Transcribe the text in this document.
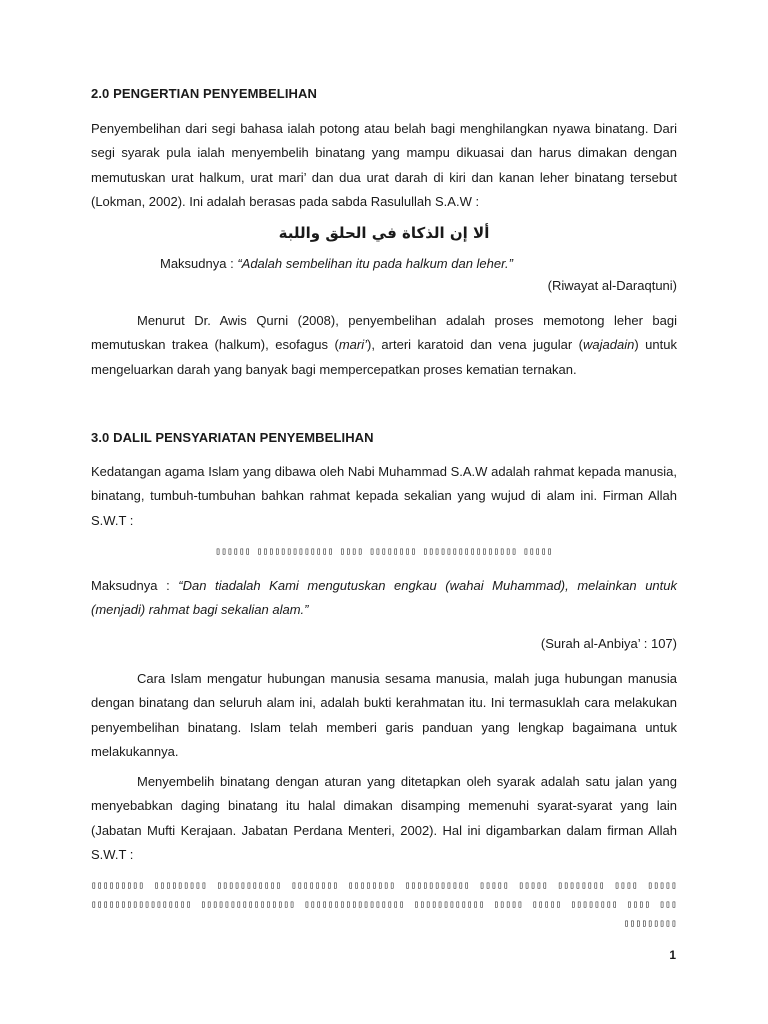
2.0 PENGERTIAN PENYEMBELIHAN
Penyembelihan dari segi bahasa ialah potong atau belah bagi menghilangkan nyawa binatang. Dari segi syarak pula ialah menyembelih binatang yang mampu dikuasai dan harus dimakan dengan memutuskan urat halkum, urat mari’ dan dua urat darah di kiri dan kanan leher binatang tersebut (Lokman, 2002). Ini adalah berasas pada sabda Rasulullah S.A.W :
ألا إن الذكاة في الحلق واللبة
Maksudnya : “Adalah sembelihan itu pada halkum dan leher.”
(Riwayat al-Daraqtuni)
Menurut Dr. Awis Qurni (2008), penyembelihan adalah proses memotong leher bagi memutuskan trakea (halkum), esofagus (mari’), arteri karatoid dan vena jugular (wajadain) untuk mengeluarkan darah yang banyak bagi mempercepatkan proses kematian ternakan.
3.0 DALIL PENSYARIATAN PENYEMBELIHAN
Kedatangan agama Islam yang dibawa oleh Nabi Muhammad S.A.W adalah rahmat kepada manusia, binatang, tumbuh-tumbuhan bahkan rahmat kepada sekalian yang wujud di alam ini. Firman Allah S.W.T :
▯▯▯▯▯▯ ▯▯▯▯▯▯▯▯▯▯▯▯▯ ▯▯▯▯ ▯▯▯▯▯▯▯▯ ▯▯▯▯▯▯▯▯▯▯▯▯▯▯▯▯ ▯▯▯▯▯
Maksudnya : “Dan tiadalah Kami mengutuskan engkau (wahai Muhammad), melainkan untuk (menjadi) rahmat bagi sekalian alam.”
(Surah al-Anbiya’ : 107)
Cara Islam mengatur hubungan manusia sesama manusia, malah juga hubungan manusia dengan binatang dan seluruh alam ini, adalah bukti kerahmatan itu. Ini termasuklah cara melakukan penyembelihan binatang. Islam telah memberi garis panduan yang lengkap bagaimana untuk melakukannya.
Menyembelih binatang dengan aturan yang ditetapkan oleh syarak adalah satu jalan yang menyebabkan daging binatang itu halal dimakan disamping memenuhi syarat-syarat yang lain (Jabatan Mufti Kerajaan. Jabatan Perdana Menteri, 2002). Hal ini digambarkan dalam firman Allah S.W.T :
▯▯▯▯▯▯▯▯▯ ▯▯▯▯▯▯▯▯▯ ▯▯▯▯▯▯▯▯▯▯▯ ▯▯▯▯▯▯▯▯ ▯▯▯▯▯▯▯▯ ▯▯▯▯▯▯▯▯▯▯▯ ▯▯▯▯▯ ▯▯▯▯▯ ▯▯▯▯▯▯▯▯ ▯▯▯▯ ▯▯▯▯▯ ▯▯▯▯▯▯▯▯▯▯▯▯▯▯▯▯▯ ▯▯▯▯▯▯▯▯▯▯▯▯▯▯▯▯ ▯▯▯▯▯▯▯▯▯▯▯▯▯▯▯▯▯ ▯▯▯▯▯▯▯▯▯▯▯▯ ▯▯▯▯▯ ▯▯▯▯▯ ▯▯▯▯▯▯▯▯ ▯▯▯▯ ▯▯▯ ▯▯▯▯▯▯▯▯▯
1
